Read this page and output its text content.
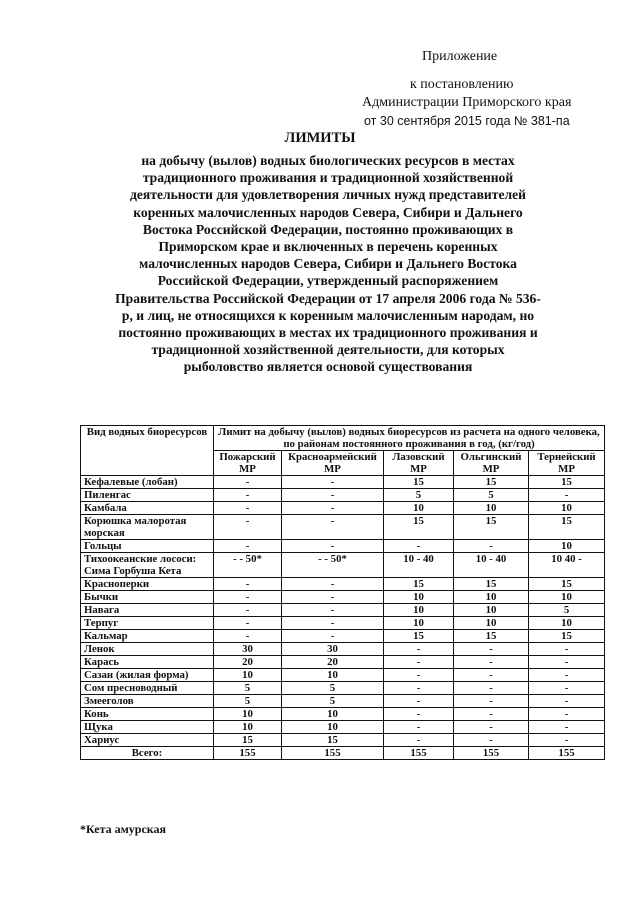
Приложение
к постановлению
Администрации Приморского края
от 30 сентября 2015 года № 381-па
ЛИМИТЫ
на добычу (вылов) водных биологических ресурсов в местах традиционного проживания и традиционной хозяйственной деятельности для удовлетворения личных нужд представителей коренных малочисленных народов Севера, Сибири и Дальнего Востока Российской Федерации, постоянно проживающих в Приморском крае и включенных в перечень коренных малочисленных народов Севера, Сибири и Дальнего Востока Российской Федерации, утвержденный распоряжением Правительства Российской Федерации от 17 апреля 2006 года № 536-р, и лиц, не относящихся к коренным малочисленным народам, но постоянно проживающих в местах их традиционного проживания и традиционной хозяйственной деятельности, для которых рыболовство является основой существования
Вид водных биоресурсов	Лимит на добычу (вылов) водных биоресурсов из расчета на одного человека, по районам постоянного проживания в год, (кг/год)				
	Пожарский МР	Красноармейский МР	Лазовский МР	Ольгинский МР	Тернейский МР
Кефалевые (лобан)	-	-	15	15	15
Пиленгас	-	-	5	5	-
Камбала	-	-	10	10	10
Корюшка малоротая морская	-	-	15	15	15
Гольцы	-	-	-	-	10
Тихоокеанские лососи: Сима Горбуша Кета	- - 50*	- - 50*	10 - 40	10 - 40	10 40 -
Красноперки	-	-	15	15	15
Бычки	-	-	10	10	10
Навага	-	-	10	10	5
Терпуг	-	-	10	10	10
Кальмар	-	-	15	15	15
Ленок	30	30	-	-	-
Карась	20	20	-	-	-
Сазан (жилая форма)	10	10	-	-	-
Сом пресноводный	5	5	-	-	-
Змееголов	5	5	-	-	-
Конь	10	10	-	-	-
Щука	10	10	-	-	-
Хариус	15	15	-	-	-
Всего:	155	155	155	155	155
*Кета амурская
